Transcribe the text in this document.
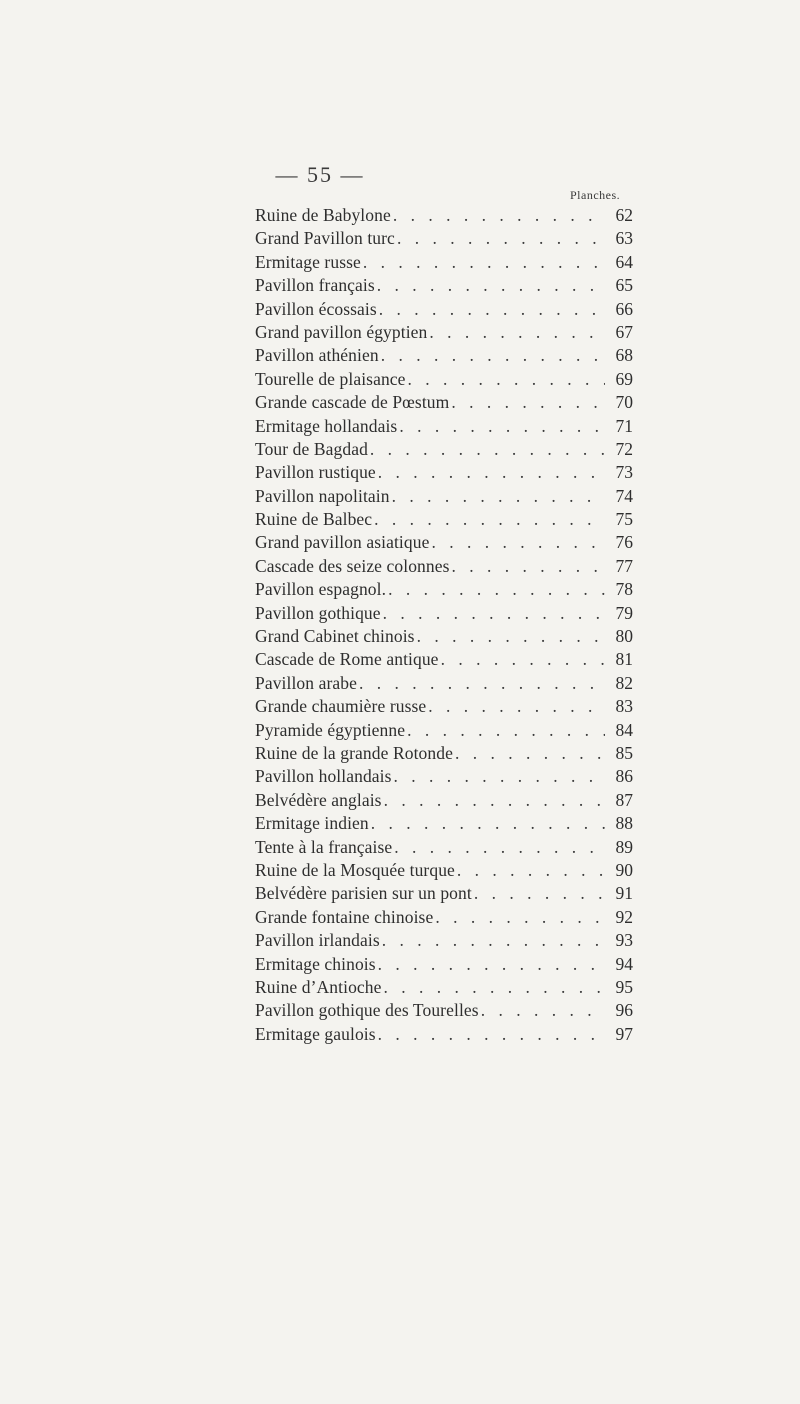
— 55 —
Planches.
Ruine de Babylone . . .	62
Grand Pavillon turc . . .	63
Ermitage russe . . .	64
Pavillon français . . .	65
Pavillon écossais . . .	66
Grand pavillon égyptien . . .	67
Pavillon athénien . . .	68
Tourelle de plaisance . . .	69
Grande cascade de Pœstum . . .	70
Ermitage hollandais . . .	71
Tour de Bagdad . . .	72
Pavillon rustique . . .	73
Pavillon napolitain . . .	74
Ruine de Balbec . . .	75
Grand pavillon asiatique . . .	76
Cascade des seize colonnes . . .	77
Pavillon espagnol. . . .	78
Pavillon gothique . . .	79
Grand Cabinet chinois . . .	80
Cascade de Rome antique . . .	81
Pavillon arabe . . .	82
Grande chaumière russe . . .	83
Pyramide égyptienne . . .	84
Ruine de la grande Rotonde . . .	85
Pavillon hollandais . . .	86
Belvédère anglais . . .	87
Ermitage indien . . .	88
Tente à la française . . .	89
Ruine de la Mosquée turque . . .	90
Belvédère parisien sur un pont . . .	91
Grande fontaine chinoise . . .	92
Pavillon irlandais . . .	93
Ermitage chinois . . .	94
Ruine d’Antioche . . .	95
Pavillon gothique des Tourelles . . .	96
Ermitage gaulois . . .	97
